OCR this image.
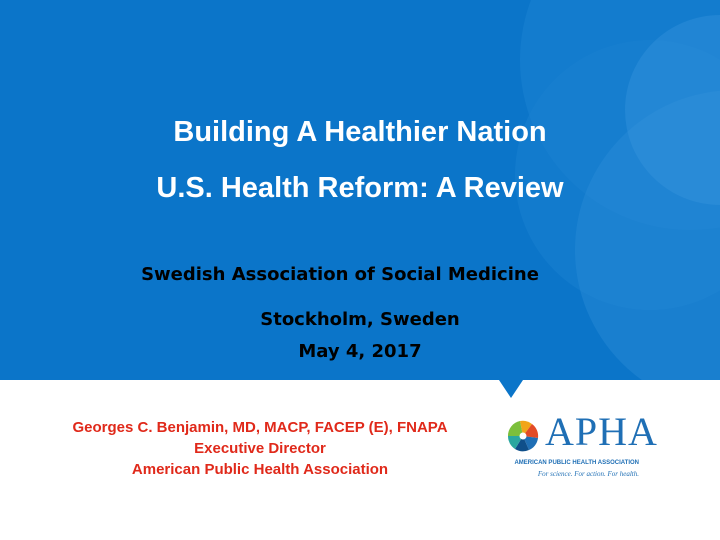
Building A Healthier Nation
U.S. Health Reform: A Review
Swedish Association of Social Medicine
Stockholm, Sweden
May 4, 2017
Georges C. Benjamin, MD, MACP, FACEP (E), FNAPA
Executive Director
American Public Health Association
APHA
AMERICAN PUBLIC HEALTH ASSOCIATION
For science. For action. For health.
